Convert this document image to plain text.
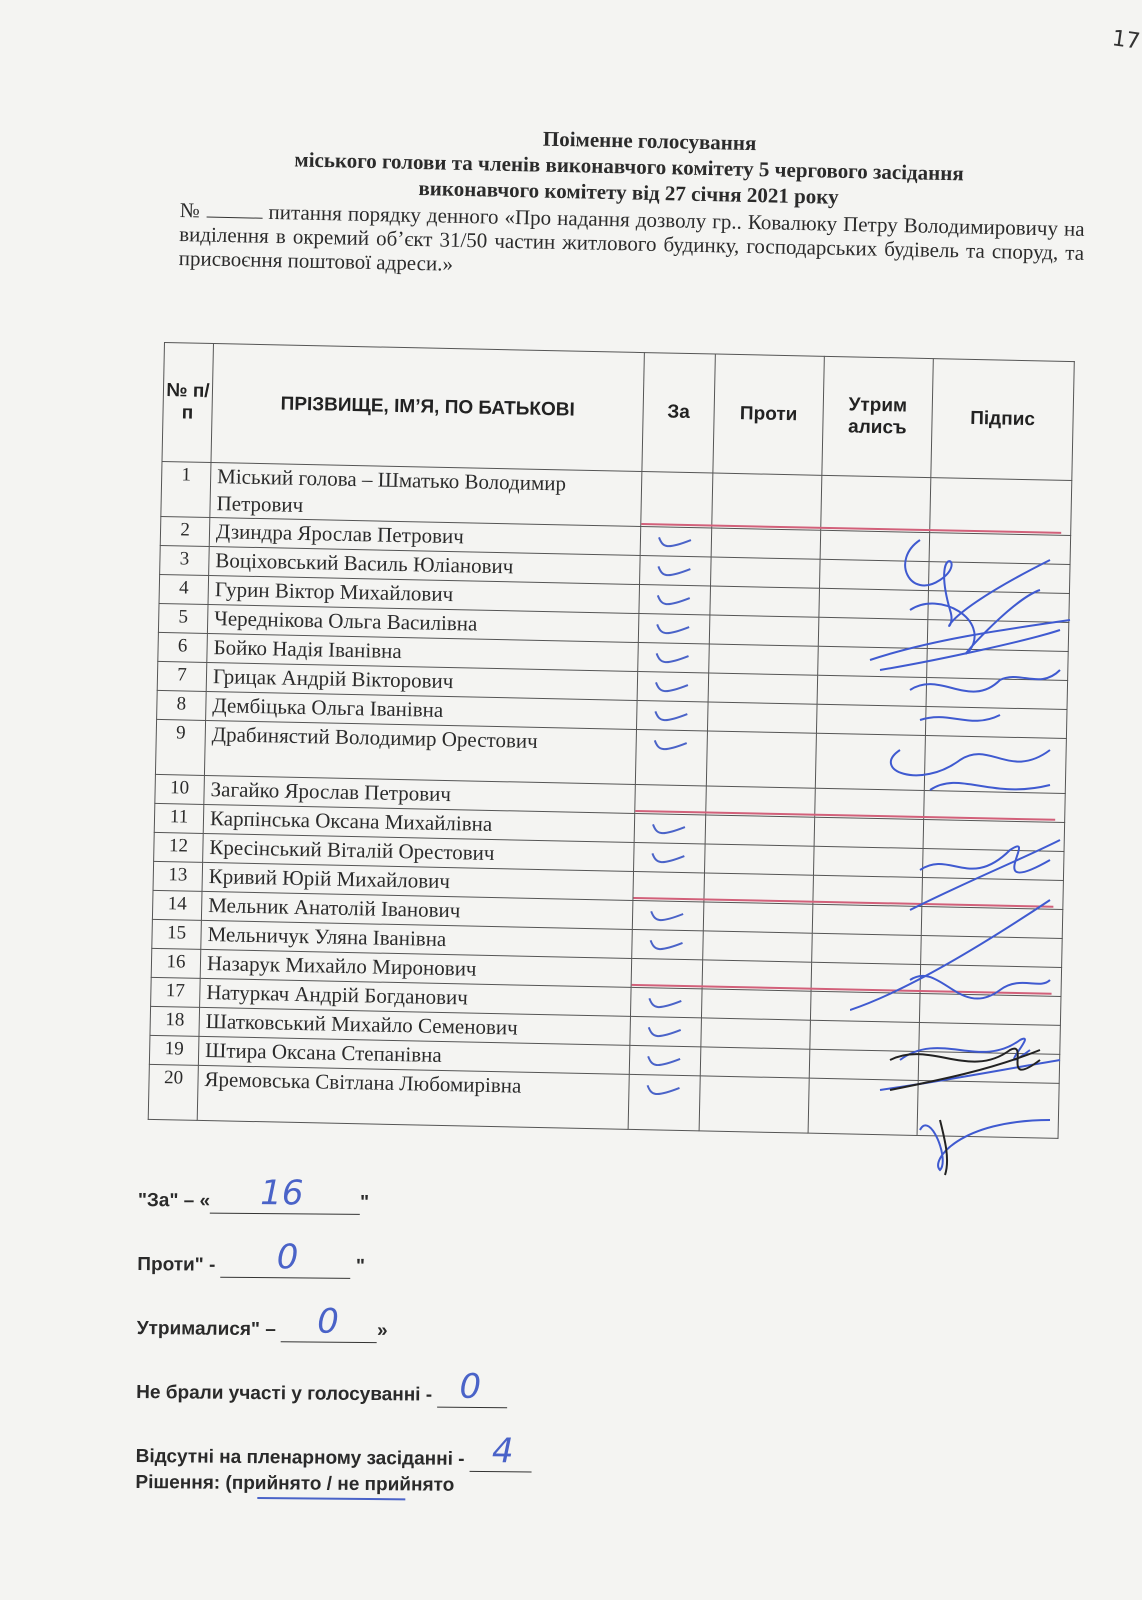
17

Поіменне голосування

міського голови та членів виконавчого комітету 5 чергового засідання

виконавчого комітету від 27 січня 2021 року

№	питання порядку денного «Про надання дозволу гр.. Ковалюку Петру Володимировичу на виділення в окремий об’єкт 31/50 частин житлового будинку, господарських будівель та споруд, та присвоєння поштової адреси.»
№ п/п	ПРІЗВИЩЕ, ІМ’Я, ПО БАТЬКОВІ	За	Проти	Утрим алисъ	Підпис
1	Міський голова – Шматько Володимир Петрович	

2	Дзиндра Ярослав Петрович	

3	Воціховський Василь Юліанович	

4	Гурин Віктор Михайлович	

5	Череднікова Ольга Василівна	

6	Бойко Надія Іванівна	

7	Грицак Андрій Вікторович	

8	Дембіцька Ольга Іванівна	

9	Драбинястий Володимир Орестович	

10	Загайко Ярослав Петрович	

11	Карпінська Оксана Михайлівна	

12	Кресінський Віталій Орестович	

13	Кривий Юрій Михайлович	

14	Мельник Анатолій Іванович	

15	Мельничук Уляна Іванівна	

16	Назарук Михайло Миронович	

17	Натуркач Андрій Богданович	

18	Шатковський Михайло Семенович	

19	Штира Оксана Степанівна	

20	Яремовська Світлана Любомирівна	

"За" – « 16	"
Проти" - 0	"
Утрималися" – 0 »
Не брали участі у голосуванні - 0

Відсутні на пленарному засіданні - 4

Рішення: (прийнято / не прийнято
